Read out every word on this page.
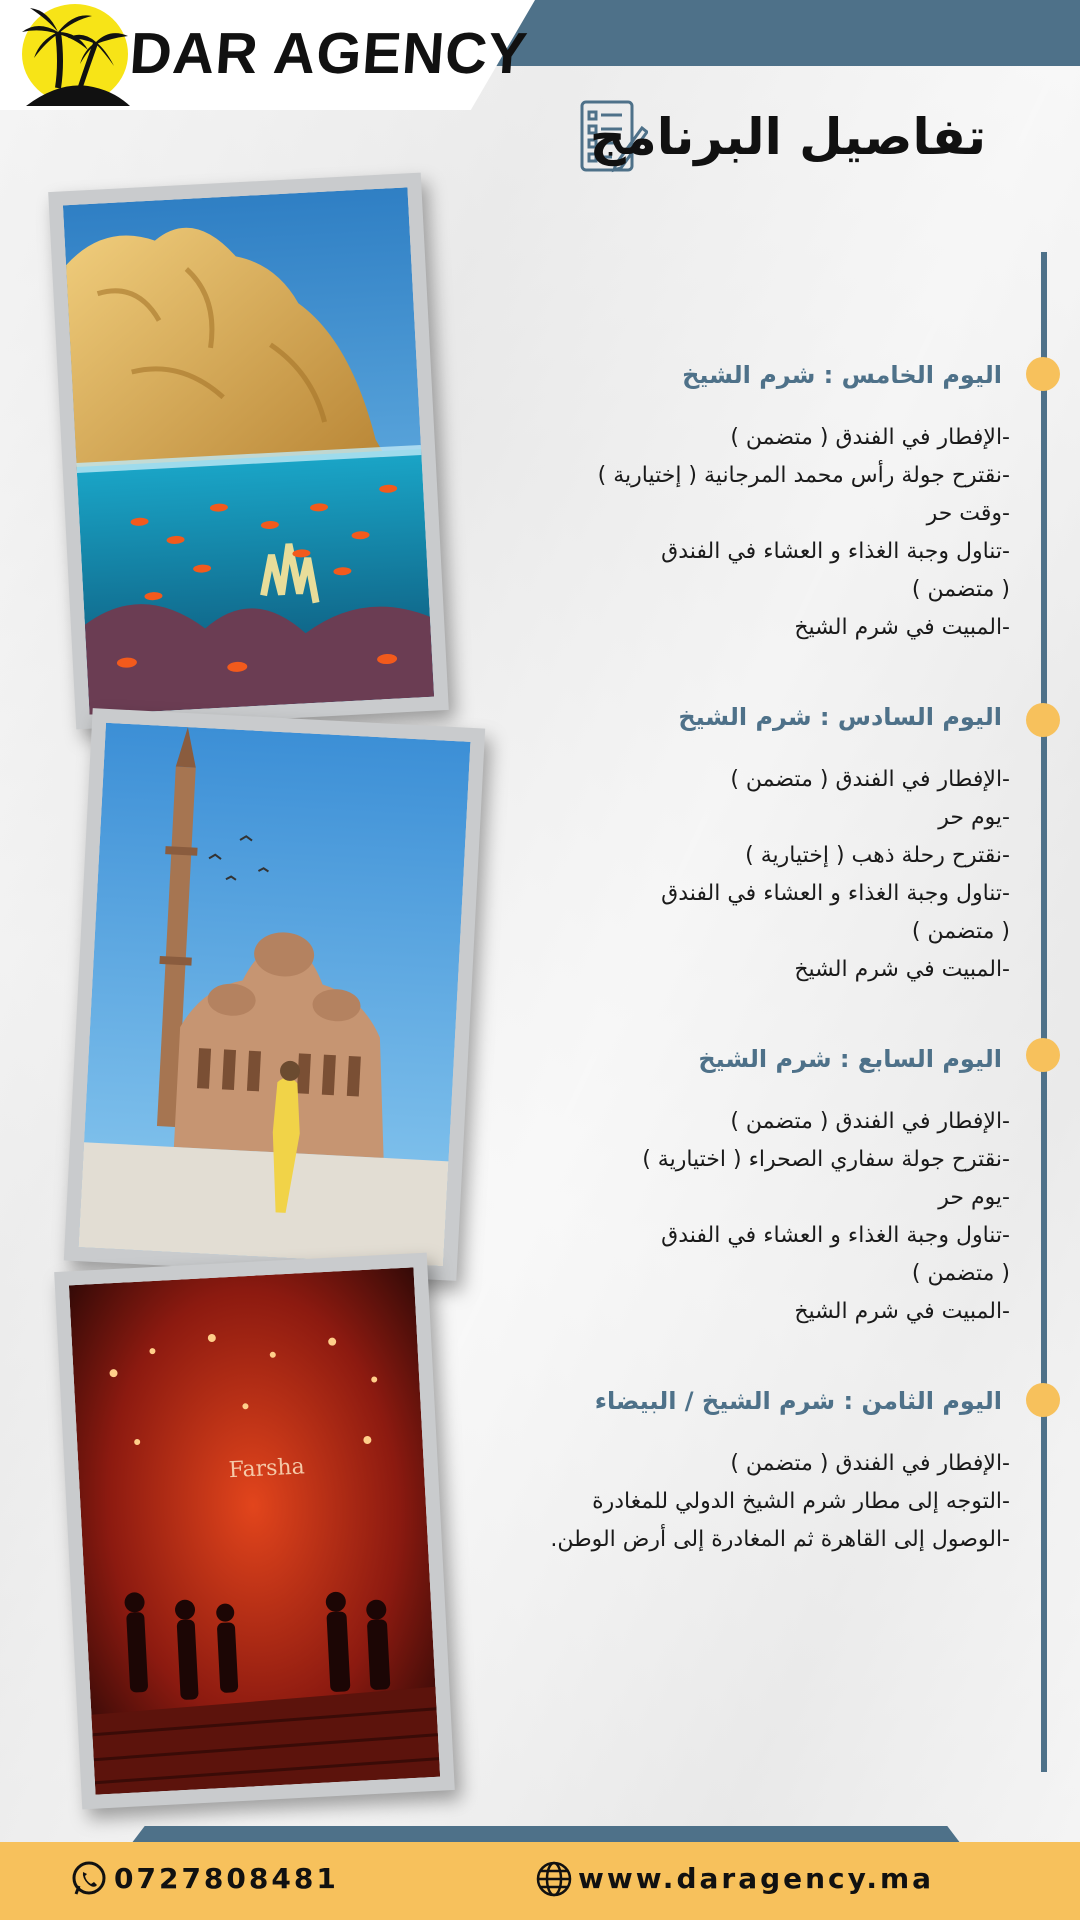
DAR AGENCY
تفاصيل البرنامج
اليوم الخامس : شرم الشيخ
-الإفطار في الفندق ( متضمن )
-نقترح جولة رأس محمد المرجانية ( إختيارية )
-وقت حر
-تناول وجبة الغذاء و العشاء في الفندق
( متضمن )
-المبيت في شرم الشيخ
اليوم السادس : شرم الشيخ
-الإفطار في الفندق ( متضمن )
-يوم حر
-نقترح رحلة ذهب ( إختيارية )
-تناول وجبة الغذاء و العشاء في الفندق
( متضمن )
-المبيت في شرم الشيخ
اليوم السابع : شرم الشيخ
-الإفطار في الفندق ( متضمن )
-نقترح جولة سفاري الصحراء ( اختيارية )
-يوم حر
-تناول وجبة الغذاء و العشاء في الفندق
( متضمن )
-المبيت في شرم الشيخ
اليوم الثامن : شرم الشيخ / البيضاء
-الإفطار في الفندق ( متضمن )
-التوجه إلى مطار شرم الشيخ الدولي للمغادرة
-الوصول إلى القاهرة ثم المغادرة إلى أرض الوطن.
Farsha
0727808481	www.daragency.ma
